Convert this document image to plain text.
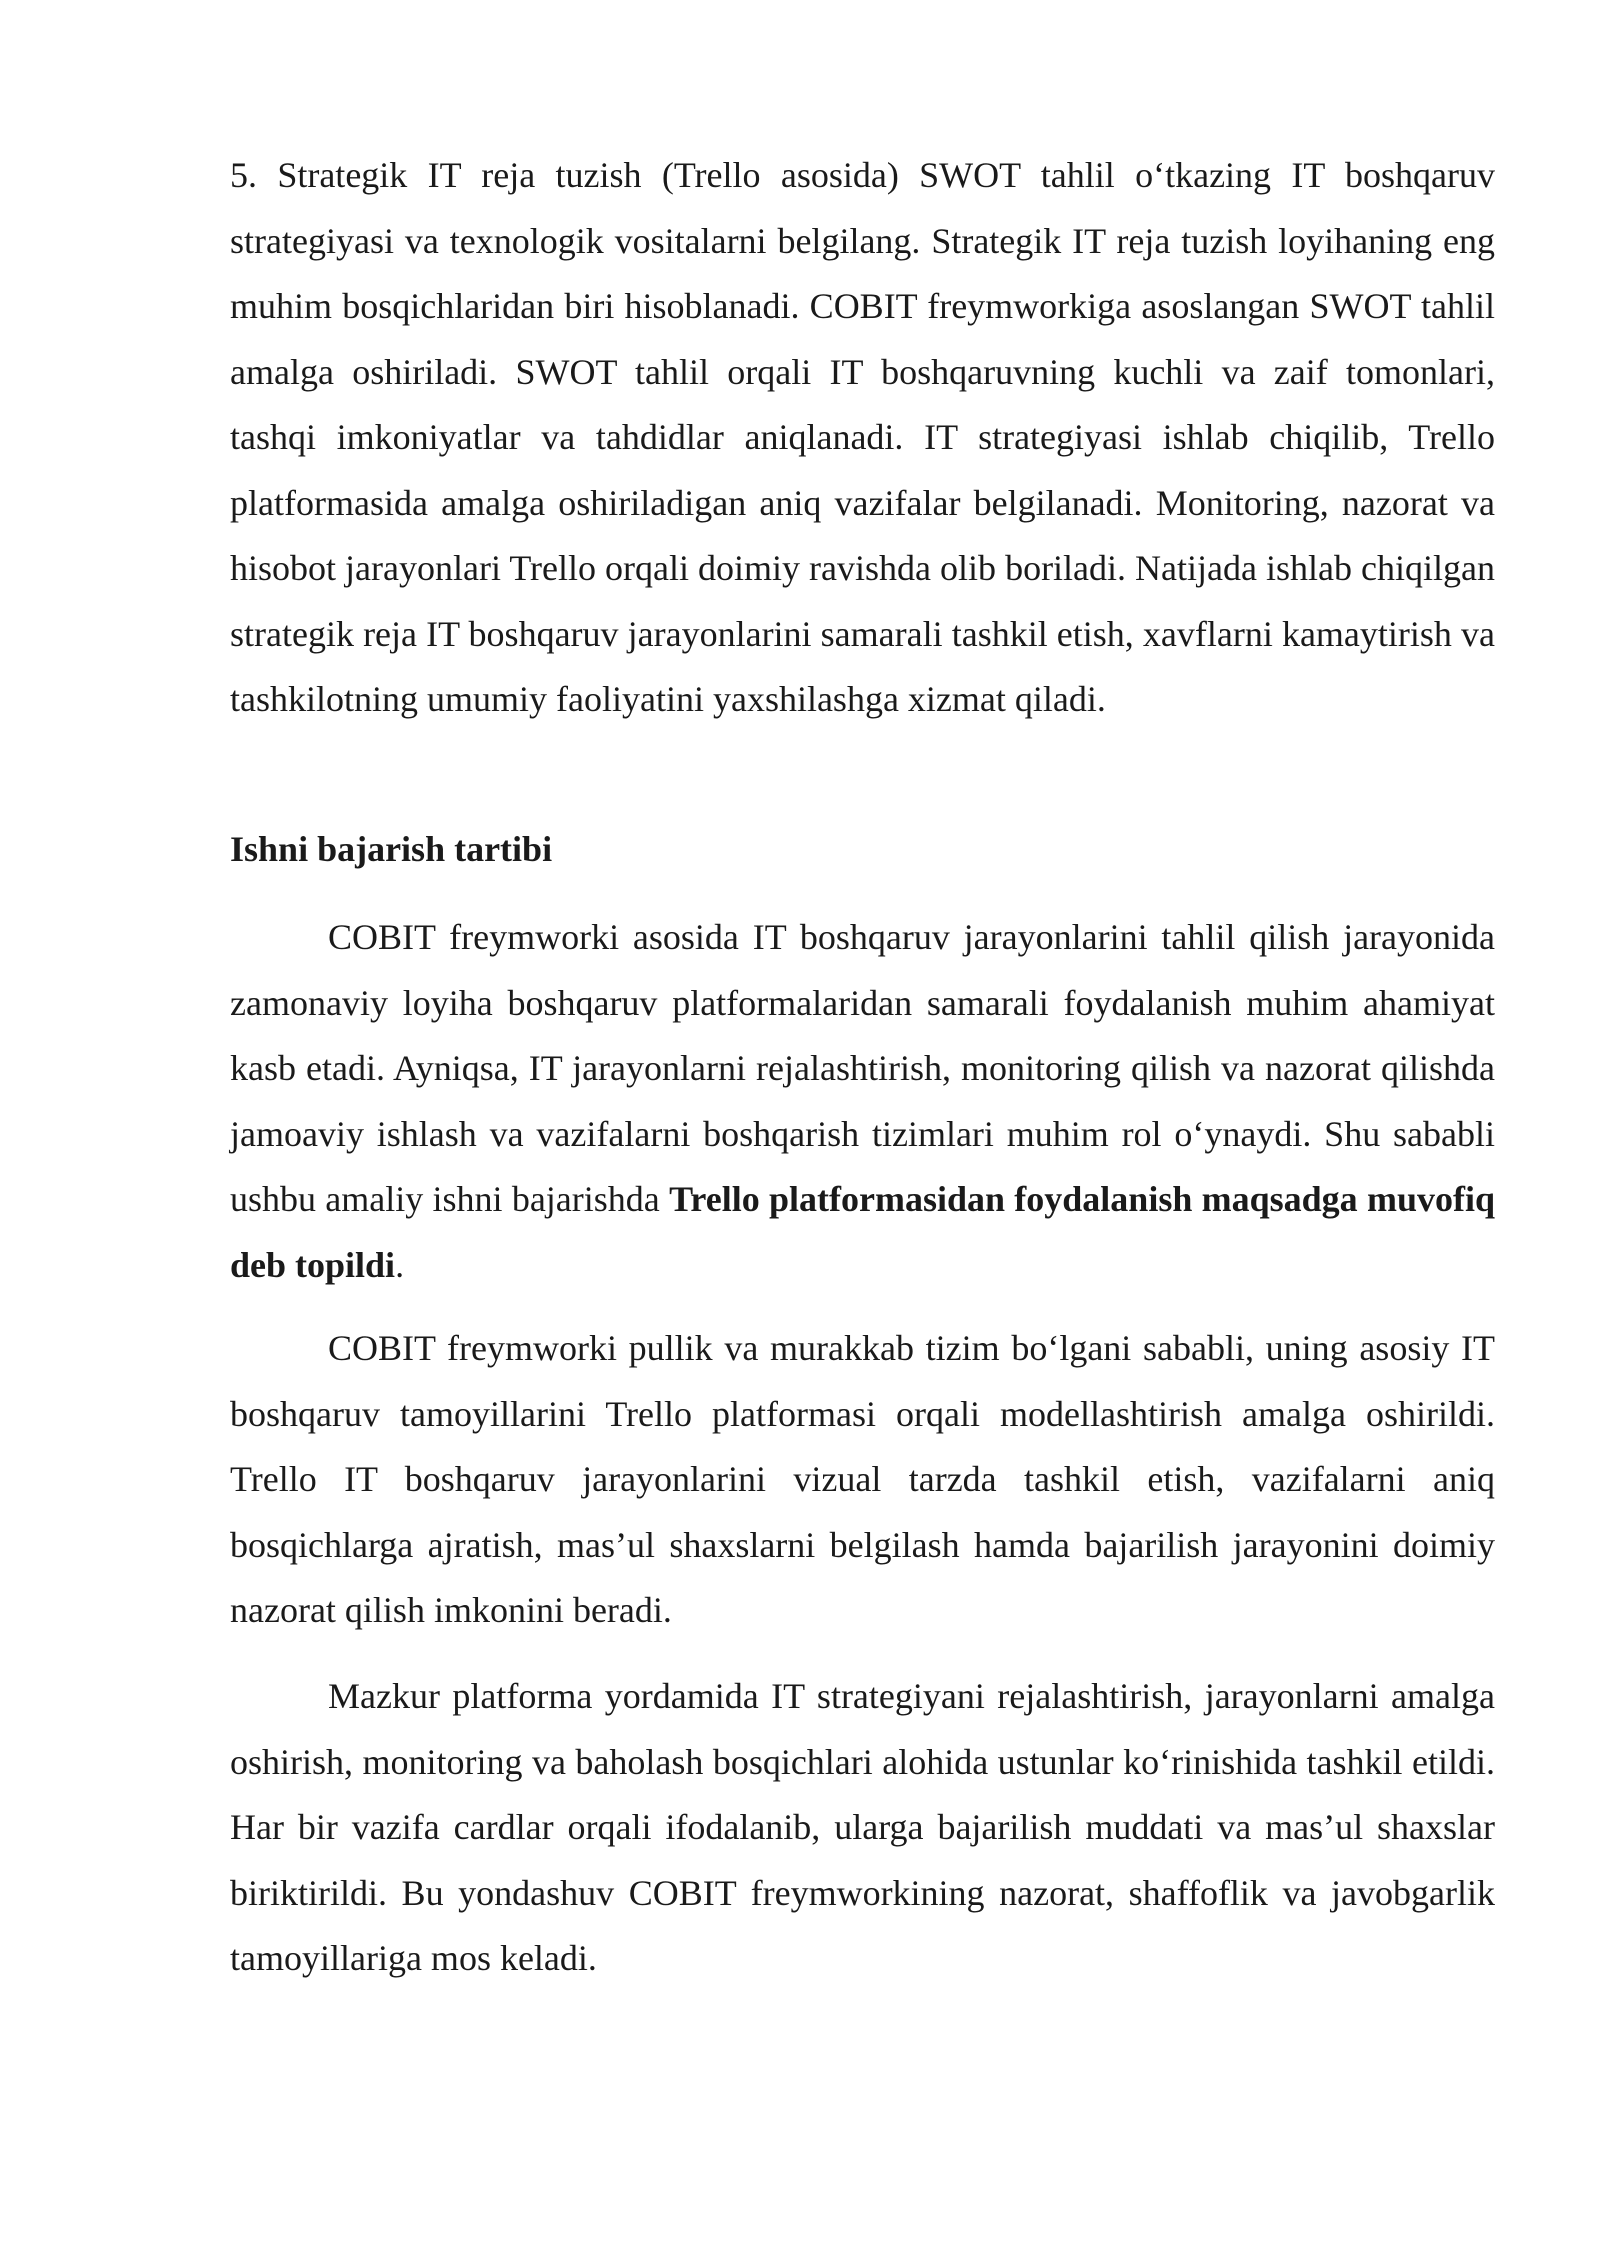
5. Strategik IT reja tuzish (Trello asosida) SWOT tahlil o‘tkazing IT boshqaruv strategiyasi va texnologik vositalarni belgilang. Strategik IT reja tuzish loyihaning eng muhim bosqichlaridan biri hisoblanadi. COBIT freymworkiga asoslangan SWOT tahlil amalga oshiriladi. SWOT tahlil orqali IT boshqaruvning kuchli va zaif tomonlari, tashqi imkoniyatlar va tahdidlar aniqlanadi. IT strategiyasi ishlab chiqilib, Trello platformasida amalga oshiriladigan aniq vazifalar belgilanadi. Monitoring, nazorat va hisobot jarayonlari Trello orqali doimiy ravishda olib boriladi. Natijada ishlab chiqilgan strategik reja IT boshqaruv jarayonlarini samarali tashkil etish, xavflarni kamaytirish va tashkilotning umumiy faoliyatini yaxshilashga xizmat qiladi.

Ishni bajarish tartibi

COBIT freymworki asosida IT boshqaruv jarayonlarini tahlil qilish jarayonida zamonaviy loyiha boshqaruv platformalaridan samarali foydalanish muhim ahamiyat kasb etadi. Ayniqsa, IT jarayonlarni rejalashtirish, monitoring qilish va nazorat qilishda jamoaviy ishlash va vazifalarni boshqarish tizimlari muhim rol o‘ynaydi. Shu sababli ushbu amaliy ishni bajarishda Trello platformasidan foydalanish maqsadga muvofiq deb topildi.

COBIT freymworki pullik va murakkab tizim bo‘lgani sababli, uning asosiy IT boshqaruv tamoyillarini Trello platformasi orqali modellashtirish amalga oshirildi. Trello IT boshqaruv jarayonlarini vizual tarzda tashkil etish, vazifalarni aniq bosqichlarga ajratish, mas’ul shaxslarni belgilash hamda bajarilish jarayonini doimiy nazorat qilish imkonini beradi.

Mazkur platforma yordamida IT strategiyani rejalashtirish, jarayonlarni amalga oshirish, monitoring va baholash bosqichlari alohida ustunlar ko‘rinishida tashkil etildi. Har bir vazifa cardlar orqali ifodalanib, ularga bajarilish muddati va mas’ul shaxslar biriktirildi. Bu yondashuv COBIT freymworkining nazorat, shaffoflik va javobgarlik tamoyillariga mos keladi.
